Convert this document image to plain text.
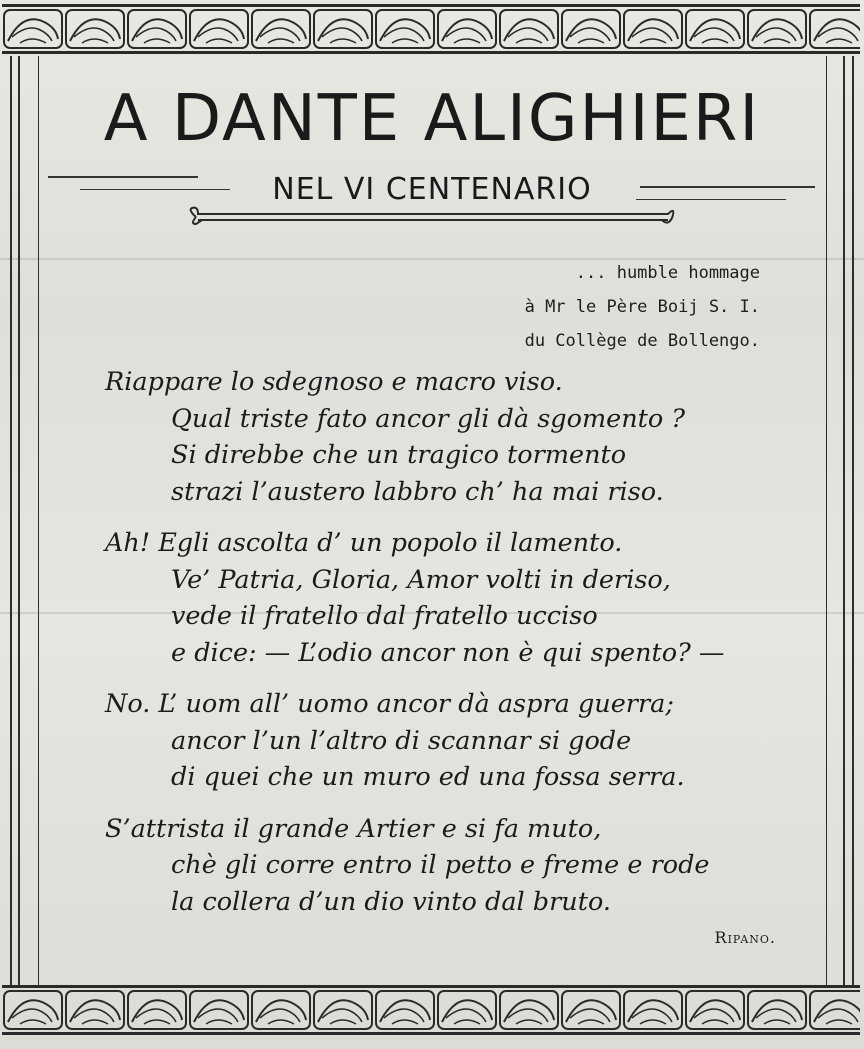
A DANTE ALIGHIERI
NEL VI CENTENARIO
... humble hommage
à Mr le Père Boij S. I.
du Collège de Bollengo.
Riappare lo sdegnoso e macro viso.
Qual triste fato ancor gli dà sgomento ?
Si direbbe che un tragico tormento
strazi l’austero labbro ch’ ha mai riso.
Ah! Egli ascolta d’ un popolo il lamento.
Ve’ Patria, Gloria, Amor volti in deriso,
vede il fratello dal fratello ucciso
e dice: — L’odio ancor non è qui spento? —
No. L’ uom all’ uomo ancor dà aspra guerra;
ancor l’un l’altro di scannar si gode
di quei che un muro ed una fossa serra.
S’attrista il grande Artier e si fa muto,
chè gli corre entro il petto e freme e rode
la collera d’un dio vinto dal bruto.
Ripano.
